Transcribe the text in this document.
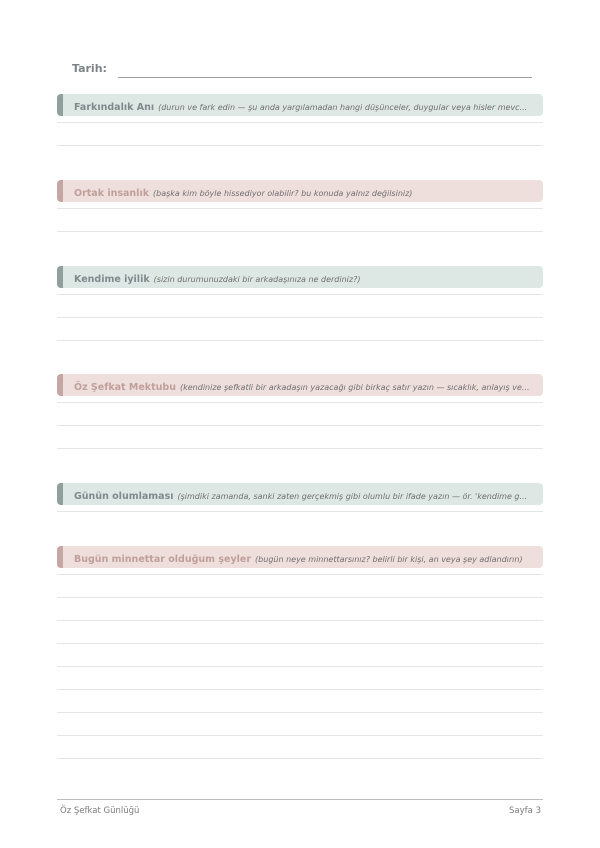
Tarih:
Farkındalık Anı (durun ve fark edin — şu anda yargılamadan hangi düşünceler, duygular veya hisler mevc...
Ortak insanlık (başka kim böyle hissediyor olabilir? bu konuda yalnız değilsiniz)
Kendime iyilik (sizin durumunuzdaki bir arkadaşınıza ne derdiniz?)
Öz Şefkat Mektubu (kendinize şefkatli bir arkadaşın yazacağı gibi birkaç satır yazın — sıcaklık, anlayış ve...
Günün olumlaması (şimdiki zamanda, sanki zaten gerçekmiş gibi olumlu bir ifade yazın — ör. 'kendime g...
Bugün minnettar olduğum şeyler (bugün neye minnettarsınız? belirli bir kişi, an veya şey adlandırın)
Öz Şefkat Günlüğü	Sayfa 3
